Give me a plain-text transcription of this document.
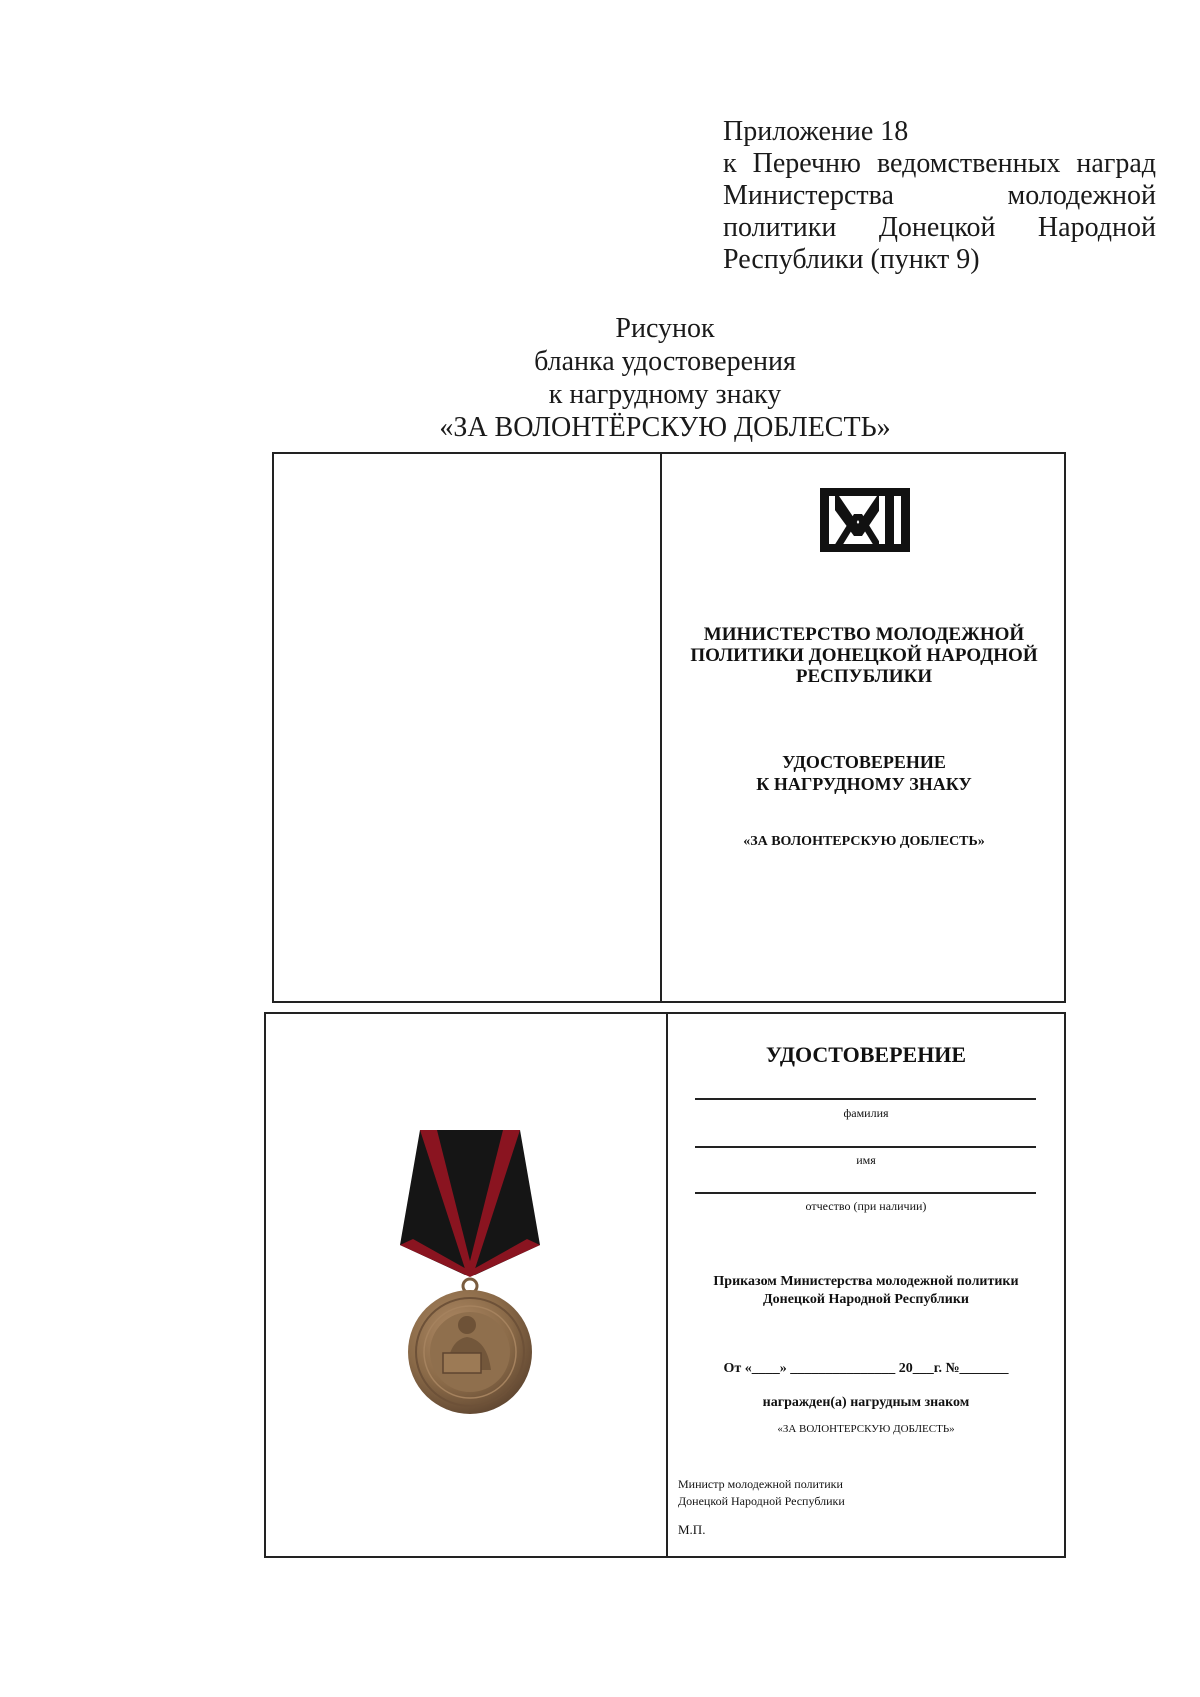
Приложение 18
к Перечню ведомственных наград
Министерства молодежной
политики Донецкой Народной
Республики (пункт 9)
Рисунок
бланка удостоверения
к нагрудному знаку
«ЗА ВОЛОНТЁРСКУЮ ДОБЛЕСТЬ»
МИНИСТЕРСТВО МОЛОДЕЖНОЙ
ПОЛИТИКИ ДОНЕЦКОЙ НАРОДНОЙ
РЕСПУБЛИКИ
УДОСТОВЕРЕНИЕ
К НАГРУДНОМУ ЗНАКУ
«ЗА ВОЛОНТЕРСКУЮ ДОБЛЕСТЬ»
УДОСТОВЕРЕНИЕ
фамилия
имя
отчество (при наличии)
Приказом Министерства молодежной политики
Донецкой Народной Республики
От «____» _______________ 20___г. №_______
награжден(а) нагрудным знаком
«ЗА ВОЛОНТЕРСКУЮ ДОБЛЕСТЬ»
Министр молодежной политики
Донецкой Народной Республики
М.П.
